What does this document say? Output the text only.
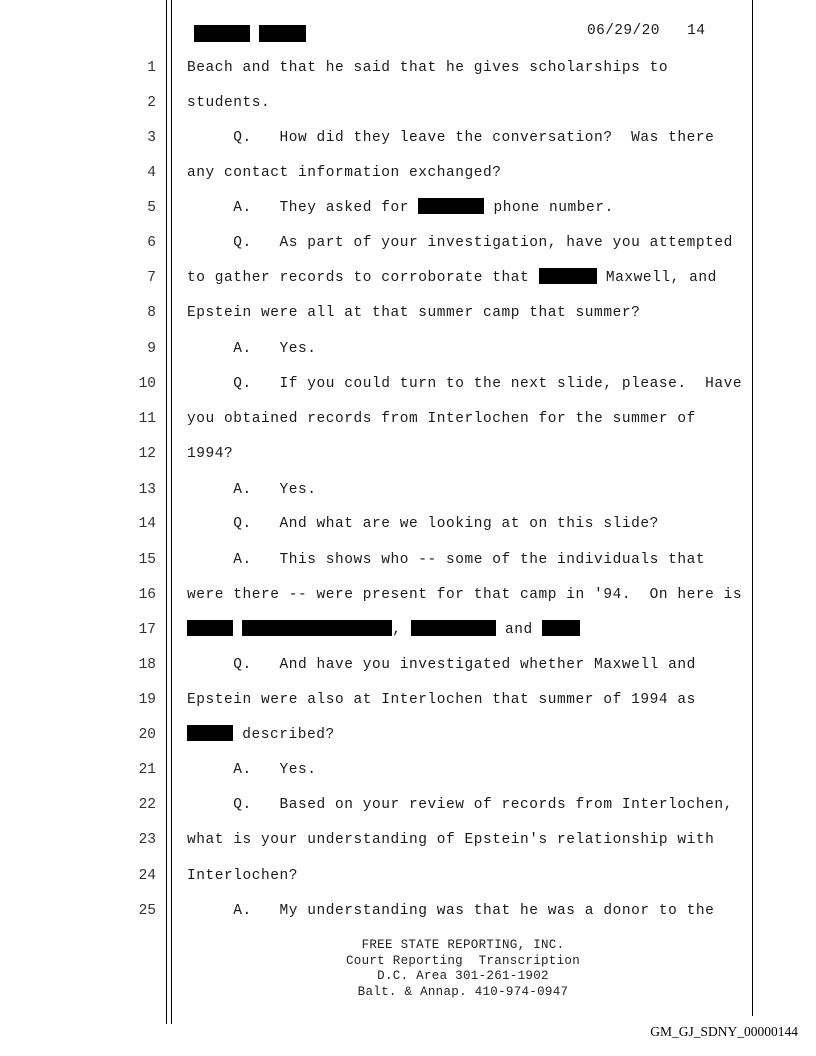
06/29/20 14
1 Beach and that he said that he gives scholarships to
2 students.
3 Q.   How did they leave the conversation?  Was there
4 any contact information exchanged?
5 A.   They asked for	phone number.
6 Q.   As part of your investigation, have you attempted
7 to gather records to corroborate that	Maxwell, and
8 Epstein were all at that summer camp that summer?
9 A.   Yes.
10 Q.   If you could turn to the next slide, please.  Have
11 you obtained records from Interlochen for the summer of
12 1994?
13 A.   Yes.
14 Q.   And what are we looking at on this slide?
15 A.   This shows who -- some of the individuals that
16 were there -- were present for that camp in '94.  On here is
17	,	and
18 Q.   And have you investigated whether Maxwell and
19 Epstein were also at Interlochen that summer of 1994 as
20	described?
21 A.   Yes.
22 Q.   Based on your review of records from Interlochen,
23 what is your understanding of Epstein's relationship with
24 Interlochen?
25 A.   My understanding was that he was a donor to the
FREE STATE REPORTING, INC.
Court Reporting  Transcription
D.C. Area 301-261-1902
Balt. & Annap. 410-974-0947
GM_GJ_SDNY_00000144
